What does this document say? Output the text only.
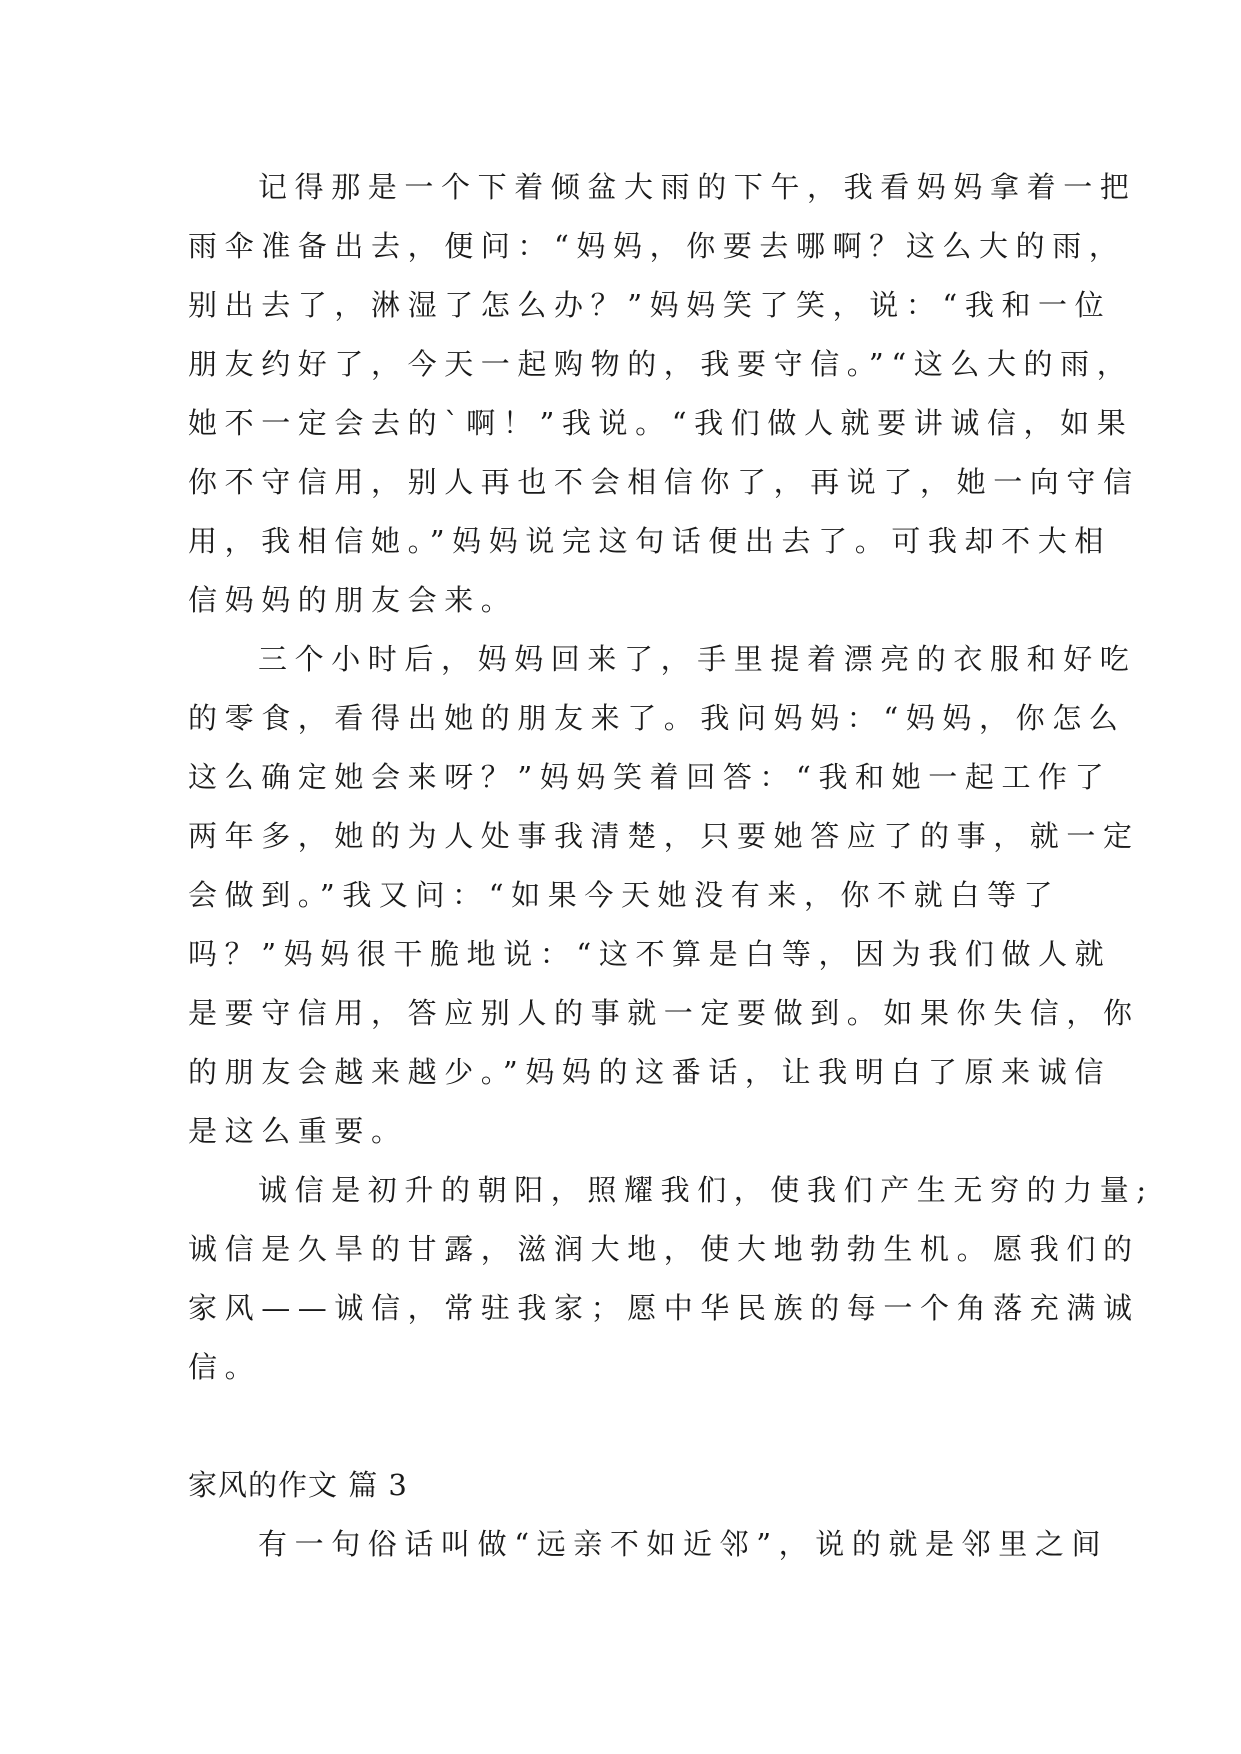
记得那是一个下着倾盆大雨的下午，我看妈妈拿着一把
雨伞准备出去，便问：“妈妈，你要去哪啊？这么大的雨，
别出去了，淋湿了怎么办？”妈妈笑了笑，说：“我和一位
朋友约好了，今天一起购物的，我要守信。”“这么大的雨，
她不一定会去的`啊！”我说。“我们做人就要讲诚信，如果
你不守信用，别人再也不会相信你了，再说了，她一向守信
用，我相信她。”妈妈说完这句话便出去了。可我却不大相
信妈妈的朋友会来。
三个小时后，妈妈回来了，手里提着漂亮的衣服和好吃
的零食，看得出她的朋友来了。我问妈妈：“妈妈，你怎么
这么确定她会来呀？”妈妈笑着回答：“我和她一起工作了
两年多，她的为人处事我清楚，只要她答应了的事，就一定
会做到。”我又问：“如果今天她没有来，你不就白等了
吗？”妈妈很干脆地说：“这不算是白等，因为我们做人就
是要守信用，答应别人的事就一定要做到。如果你失信，你
的朋友会越来越少。”妈妈的这番话，让我明白了原来诚信
是这么重要。
诚信是初升的朝阳，照耀我们，使我们产生无穷的力量;
诚信是久旱的甘露，滋润大地，使大地勃勃生机。愿我们的
家风——诚信，常驻我家；愿中华民族的每一个角落充满诚
信。
家风的作文 篇 3
有一句俗话叫做“远亲不如近邻”，说的就是邻里之间
